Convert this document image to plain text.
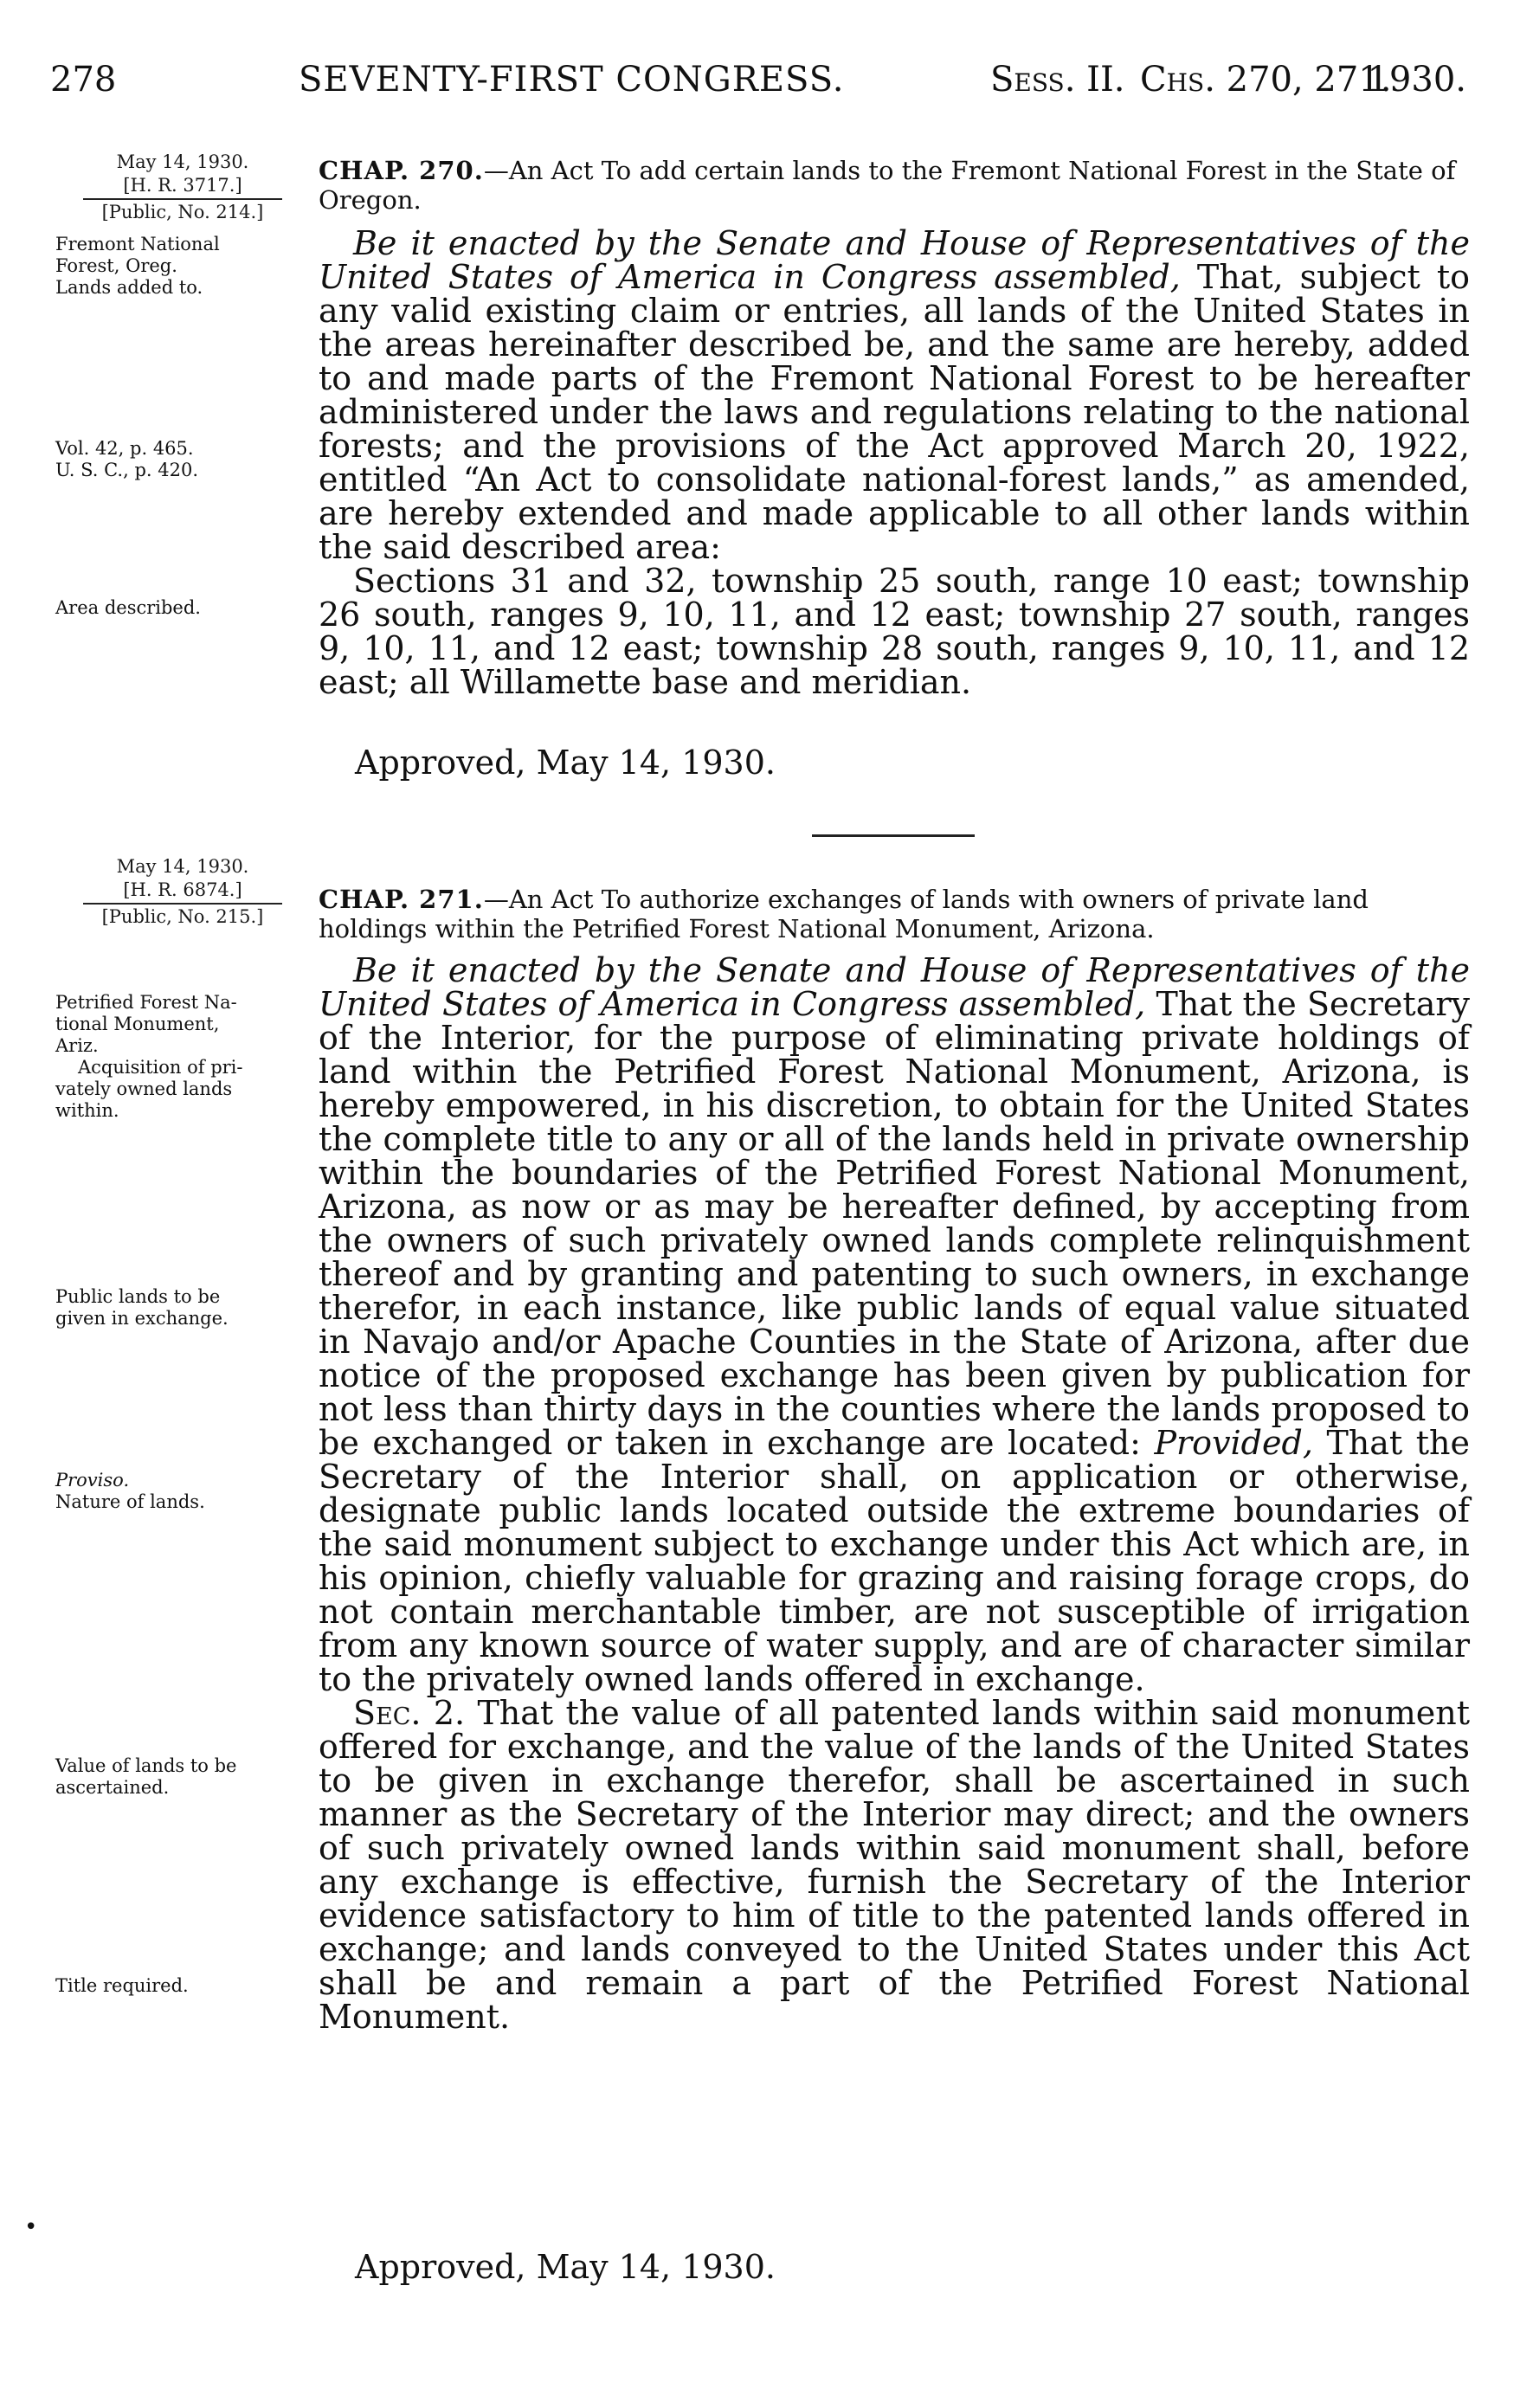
278	SEVENTY-FIRST CONGRESS.	Sess. II. Chs. 270, 271.
1930.
May 14, 1930.
[H. R. 3717.]
[Public, No. 214.]
CHAP. 270.—An Act To add certain lands to the Fremont National Forest in the State of Oregon.
Fremont National
Forest, Oreg.
Lands added to.
Vol. 42, p. 465.
U. S. C., p. 420.
Area described.

Be it enacted by the Senate and House of Representatives of the United States of America in Congress assembled, That, subject to any valid existing claim or entries, all lands of the United States in the areas hereinafter described be, and the same are hereby, added to and made parts of the Fremont National Forest to be hereafter administered under the laws and regulations relating to the national forests; and the provisions of the Act approved March 20, 1922, entitled “An Act to consolidate national-forest lands,” as amended, are hereby extended and made applicable to all other lands within the said described area:

Sections 31 and 32, township 25 south, range 10 east; township 26 south, ranges 9, 10, 11, and 12 east; township 27 south, ranges 9, 10, 11, and 12 east; township 28 south, ranges 9, 10, 11, and 12 east; all Willamette base and meridian.

Approved, May 14, 1930.
May 14, 1930.
[H. R. 6874.]
[Public, No. 215.]
CHAP. 271.—An Act To authorize exchanges of lands with owners of private land holdings within the Petrified Forest National Monument, Arizona.
Petrified Forest Na-
tional Monument,
Ariz.
Acquisition of pri-
vately owned lands
within.
Public lands to be
given in exchange.
Proviso.
Nature of lands.
Value of lands to be
ascertained.
Title required.
•

Be it enacted by the Senate and House of Representatives of the United States of America in Congress assembled, That the Secretary of the Interior, for the purpose of eliminating private holdings of land within the Petrified Forest National Monument, Arizona, is hereby empowered, in his discretion, to obtain for the United States the complete title to any or all of the lands held in private ownership within the boundaries of the Petrified Forest National Monument, Arizona, as now or as may be hereafter defined, by accepting from the owners of such privately owned lands complete relinquishment thereof and by granting and patenting to such owners, in exchange therefor, in each instance, like public lands of equal value situated in Navajo and/or Apache Counties in the State of Arizona, after due notice of the proposed exchange has been given by publication for not less than thirty days in the counties where the lands proposed to be exchanged or taken in exchange are located: Provided, That the Secretary of the Interior shall, on application or otherwise, designate public lands located outside the extreme boundaries of the said monument subject to exchange under this Act which are, in his opinion, chiefly valuable for grazing and raising forage crops, do not contain merchantable timber, are not susceptible of irrigation from any known source of water supply, and are of character similar to the privately owned lands offered in exchange.

Sec. 2. That the value of all patented lands within said monument offered for exchange, and the value of the lands of the United States to be given in exchange therefor, shall be ascertained in such manner as the Secretary of the Interior may direct; and the owners of such privately owned lands within said monument shall, before any exchange is effective, furnish the Secretary of the Interior evidence satisfactory to him of title to the patented lands offered in exchange; and lands conveyed to the United States under this Act shall be and remain a part of the Petrified Forest National Monument.

Approved, May 14, 1930.
